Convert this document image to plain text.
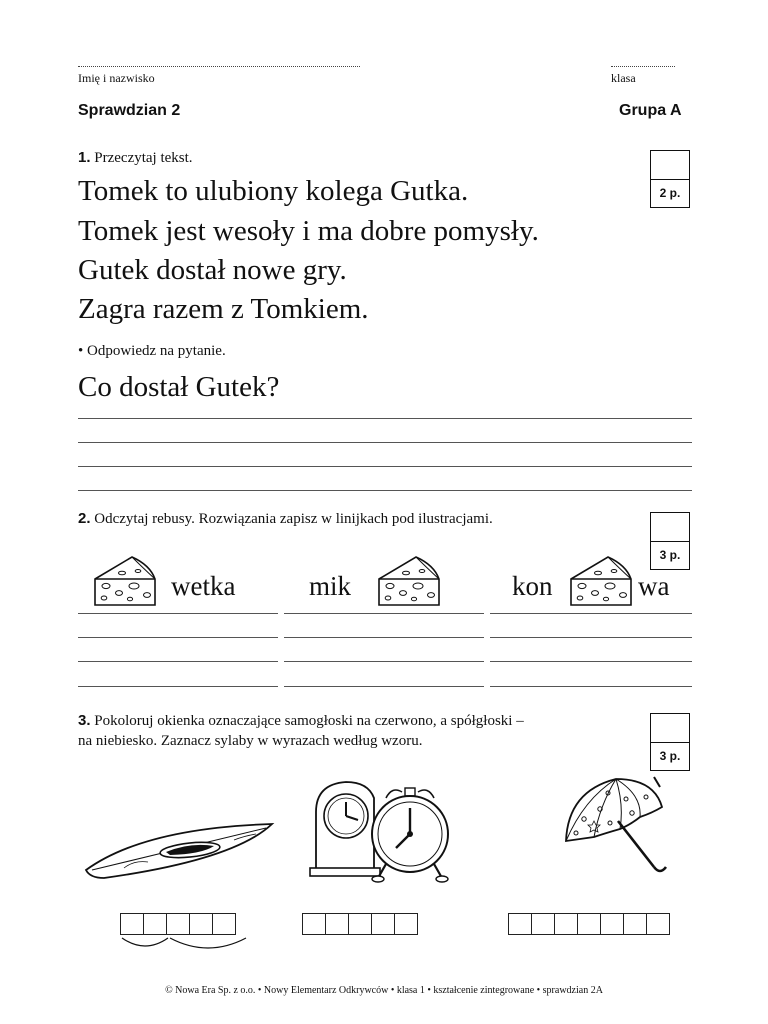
Imię i nazwisko	klasa
Sprawdzian 2	Grupa A
1. Przeczytaj tekst.
2 p.
Tomek to ulubiony kolega Gutka.
Tomek jest wesoły i ma dobre pomysły.
Gutek dostał nowe gry.
Zagra razem z Tomkiem.
• Odpowiedz na pytanie.
Co dostał Gutek?
2. Odczytaj rebusy. Rozwiązania zapisz w linijkach pod ilustracjami.
3 p.
wetka	mik	kon	wa
3. Pokoloruj okienka oznaczające samogłoski na czerwono, a spółgłoski –
na niebiesko. Zaznacz sylaby w wyrazach według wzoru.
3 p.
© Nowa Era Sp. z o.o. • Nowy Elementarz Odkrywców • klasa 1 • kształcenie zintegrowane • sprawdzian 2A
